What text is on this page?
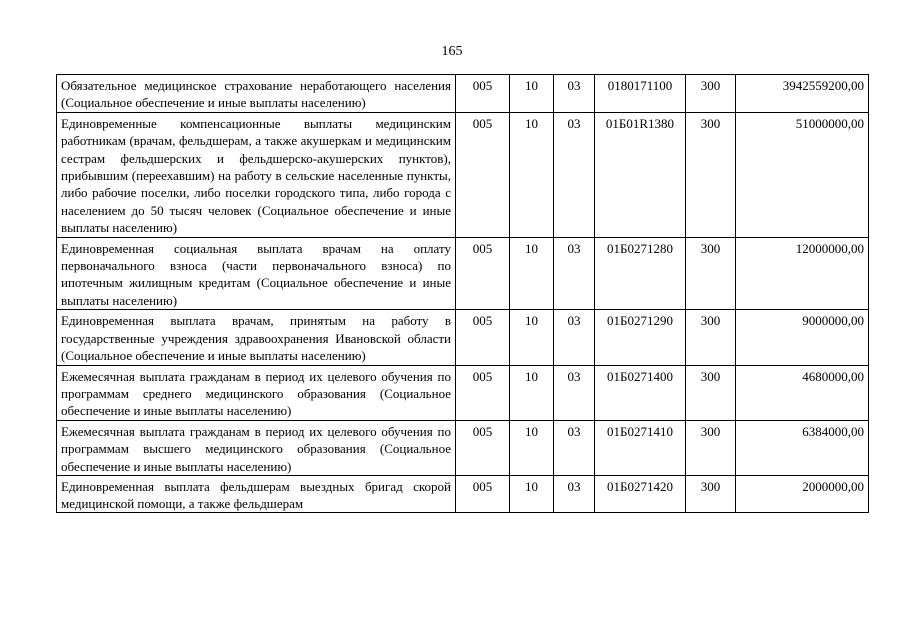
165
Обязательное медицинское страхование неработающего населения (Социальное обеспечение и иные выплаты населению)	005	10	03	0180171100	300	3942559200,00
Единовременные компенсационные выплаты медицинским работникам (врачам, фельдшерам, а также акушеркам и медицинским сестрам фельдшерских и фельдшерско-акушерских пунктов), прибывшим (переехавшим) на работу в сельские населенные пункты, либо рабочие поселки, либо поселки городского типа, либо города с населением до 50 тысяч человек (Социальное обеспечение и иные выплаты населению)	005	10	03	01Б01R1380	300	51000000,00
Единовременная социальная выплата врачам на оплату первоначального взноса (части первоначального взноса) по ипотечным жилищным кредитам (Социальное обеспечение и иные выплаты населению)	005	10	03	01Б0271280	300	12000000,00
Единовременная выплата врачам, принятым на работу в государственные учреждения здравоохранения Ивановской области (Социальное обеспечение и иные выплаты населению)	005	10	03	01Б0271290	300	9000000,00
Ежемесячная выплата гражданам в период их целевого обучения по программам среднего медицинского образования (Социальное обеспечение и иные выплаты населению)	005	10	03	01Б0271400	300	4680000,00
Ежемесячная выплата гражданам в период их целевого обучения по программам высшего медицинского образования (Социальное обеспечение и иные выплаты населению)	005	10	03	01Б0271410	300	6384000,00

Единовременная выплата фельдшерам выездных бригад скорой медицинской помощи, а также фельдшерам	005	10	03	01Б0271420	300	2000000,00
